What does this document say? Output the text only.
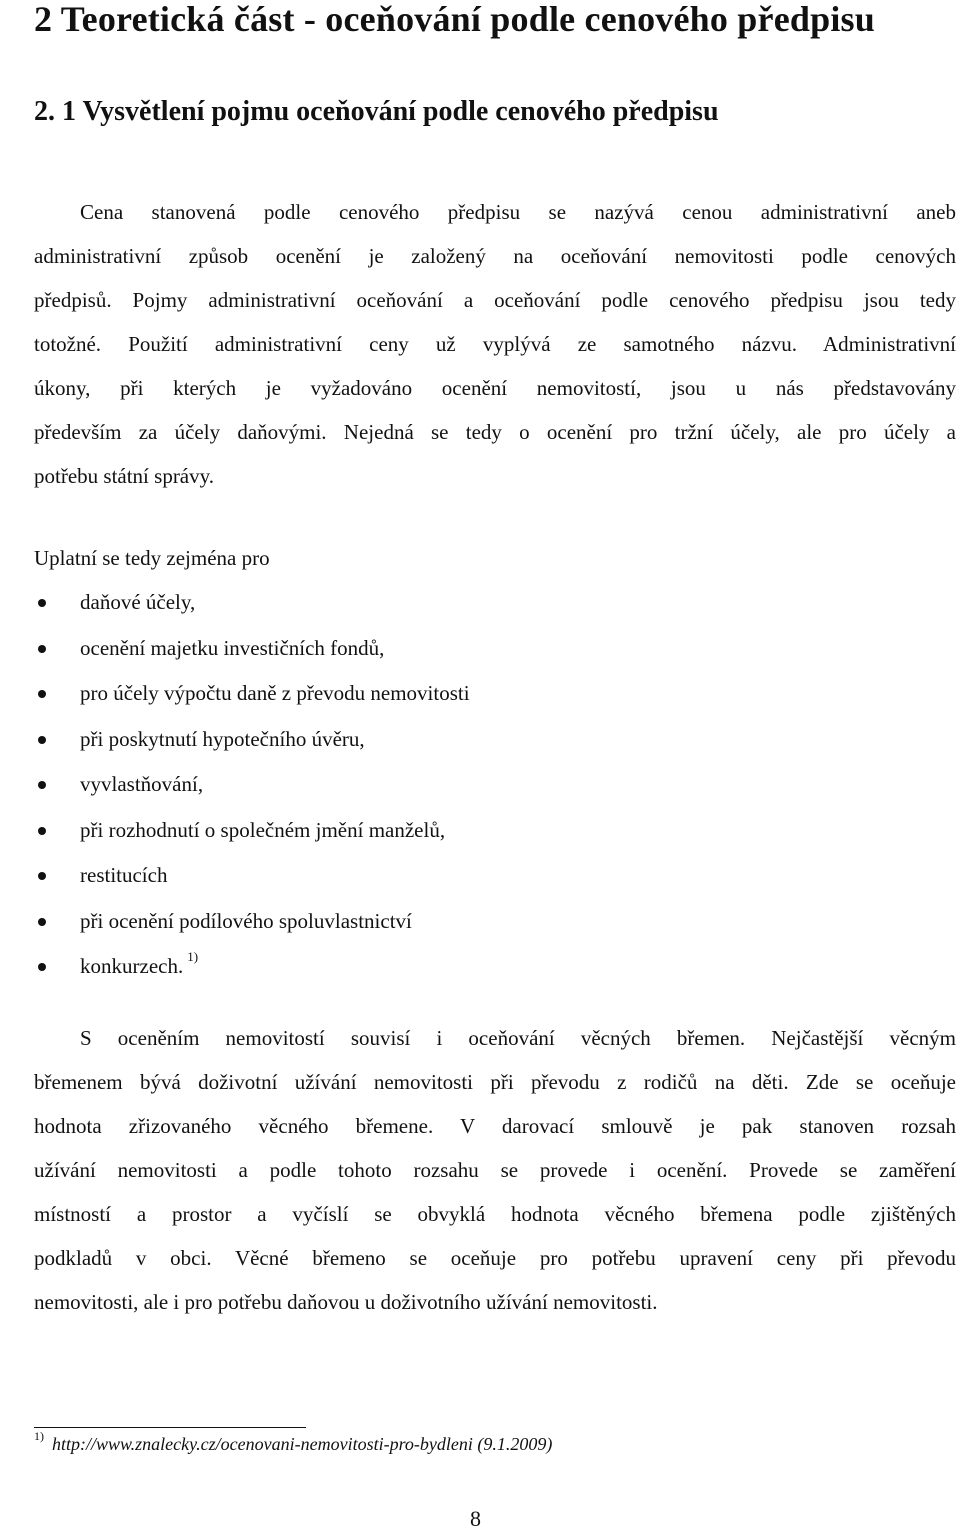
2 Teoretická část - oceňování podle cenového předpisu
2. 1 Vysvětlení pojmu oceňování podle cenového předpisu
Cena stanovená podle cenového předpisu se nazývá cenou administrativní aneb
administrativní způsob ocenění je založený na oceňování nemovitosti podle cenových
předpisů. Pojmy administrativní oceňování a oceňování podle cenového předpisu jsou tedy
totožné. Použití administrativní ceny už vyplývá ze samotného názvu. Administrativní
úkony, při kterých je vyžadováno ocenění nemovitostí, jsou u nás představovány
především za účely daňovými. Nejedná se tedy o ocenění pro tržní účely, ale pro účely a
potřebu státní správy.
Uplatní se tedy zejména pro
daňové účely,
ocenění majetku investičních fondů,
pro účely výpočtu daně z převodu nemovitosti
při poskytnutí hypotečního úvěru,
vyvlastňování,
při rozhodnutí o společném jmění manželů,
restitucích
při ocenění podílového spoluvlastnictví
konkurzech. $^{1)}$
S oceněním nemovitostí souvisí i oceňování věcných břemen. Nejčastější věcným
břemenem bývá doživotní užívání nemovitosti při převodu z rodičů na děti. Zde se oceňuje
hodnota zřizovaného věcného břemene. V darovací smlouvě je pak stanoven rozsah
užívání nemovitosti a podle tohoto rozsahu se provede i ocenění. Provede se zaměření
místností a prostor a vyčíslí se obvyklá hodnota věcného břemena podle zjištěných
podkladů v obci. Věcné břemeno se oceňuje pro potřebu upravení ceny při převodu
nemovitosti, ale i pro potřebu daňovou u doživotního užívání nemovitosti.
$^{1)}$ http://www.znalecky.cz/ocenovani-nemovitosti-pro-bydleni (9.1.2009)
8
